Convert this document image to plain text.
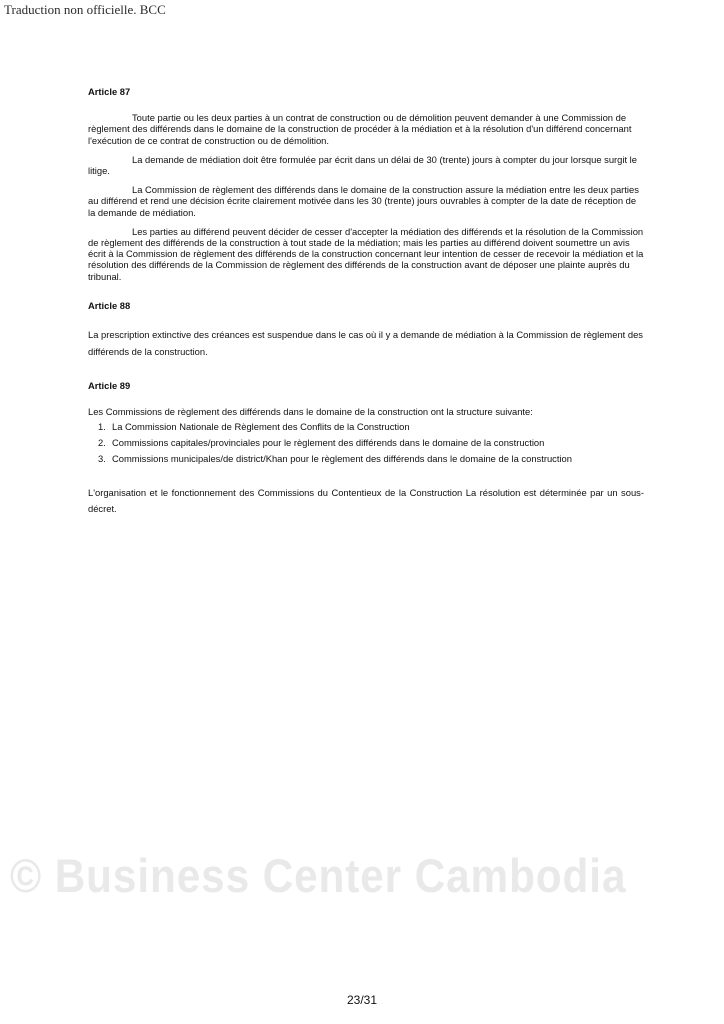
Traduction non officielle. BCC
Article 87

Toute partie ou les deux parties à un contrat de construction ou de démolition peuvent demander à une Commission de règlement des différends dans le domaine de la construction de procéder à la médiation et à la résolution d'un différend concernant l'exécution de ce contrat de construction ou de démolition.

La demande de médiation doit être formulée par écrit dans un délai de 30 (trente) jours à compter du jour lorsque surgit le litige.

La Commission de règlement des différends dans le domaine de la construction assure la médiation entre les deux parties au différend et rend une décision écrite clairement motivée dans les 30 (trente) jours ouvrables à compter de la date de réception de la demande de médiation.

Les parties au différend peuvent décider de cesser d'accepter la médiation des différends et la résolution de la Commission de règlement des différends de la construction à tout stade de la médiation; mais les parties au différend doivent soumettre un avis écrit à la Commission de règlement des différends de la construction concernant leur intention de cesser de recevoir la médiation et la résolution des différends de la Commission de règlement des différends de la construction avant de déposer une plainte auprès du tribunal.

Article 88

La prescription extinctive des créances est suspendue dans le cas où il y a demande de médiation à la Commission de règlement des différends de la construction.

Article 89

Les Commissions de règlement des différends dans le domaine de la construction ont la structure suivante:

1. La Commission Nationale de Règlement des Conflits de la Construction
2. Commissions capitales/provinciales pour le règlement des différends dans le domaine de la construction
3. Commissions municipales/de district/Khan pour le règlement des différends dans le domaine de la construction

L'organisation et le fonctionnement des Commissions du Contentieux de la Construction La résolution est déterminée par un sous-décret.

© Business Center Cambodia
23/31
